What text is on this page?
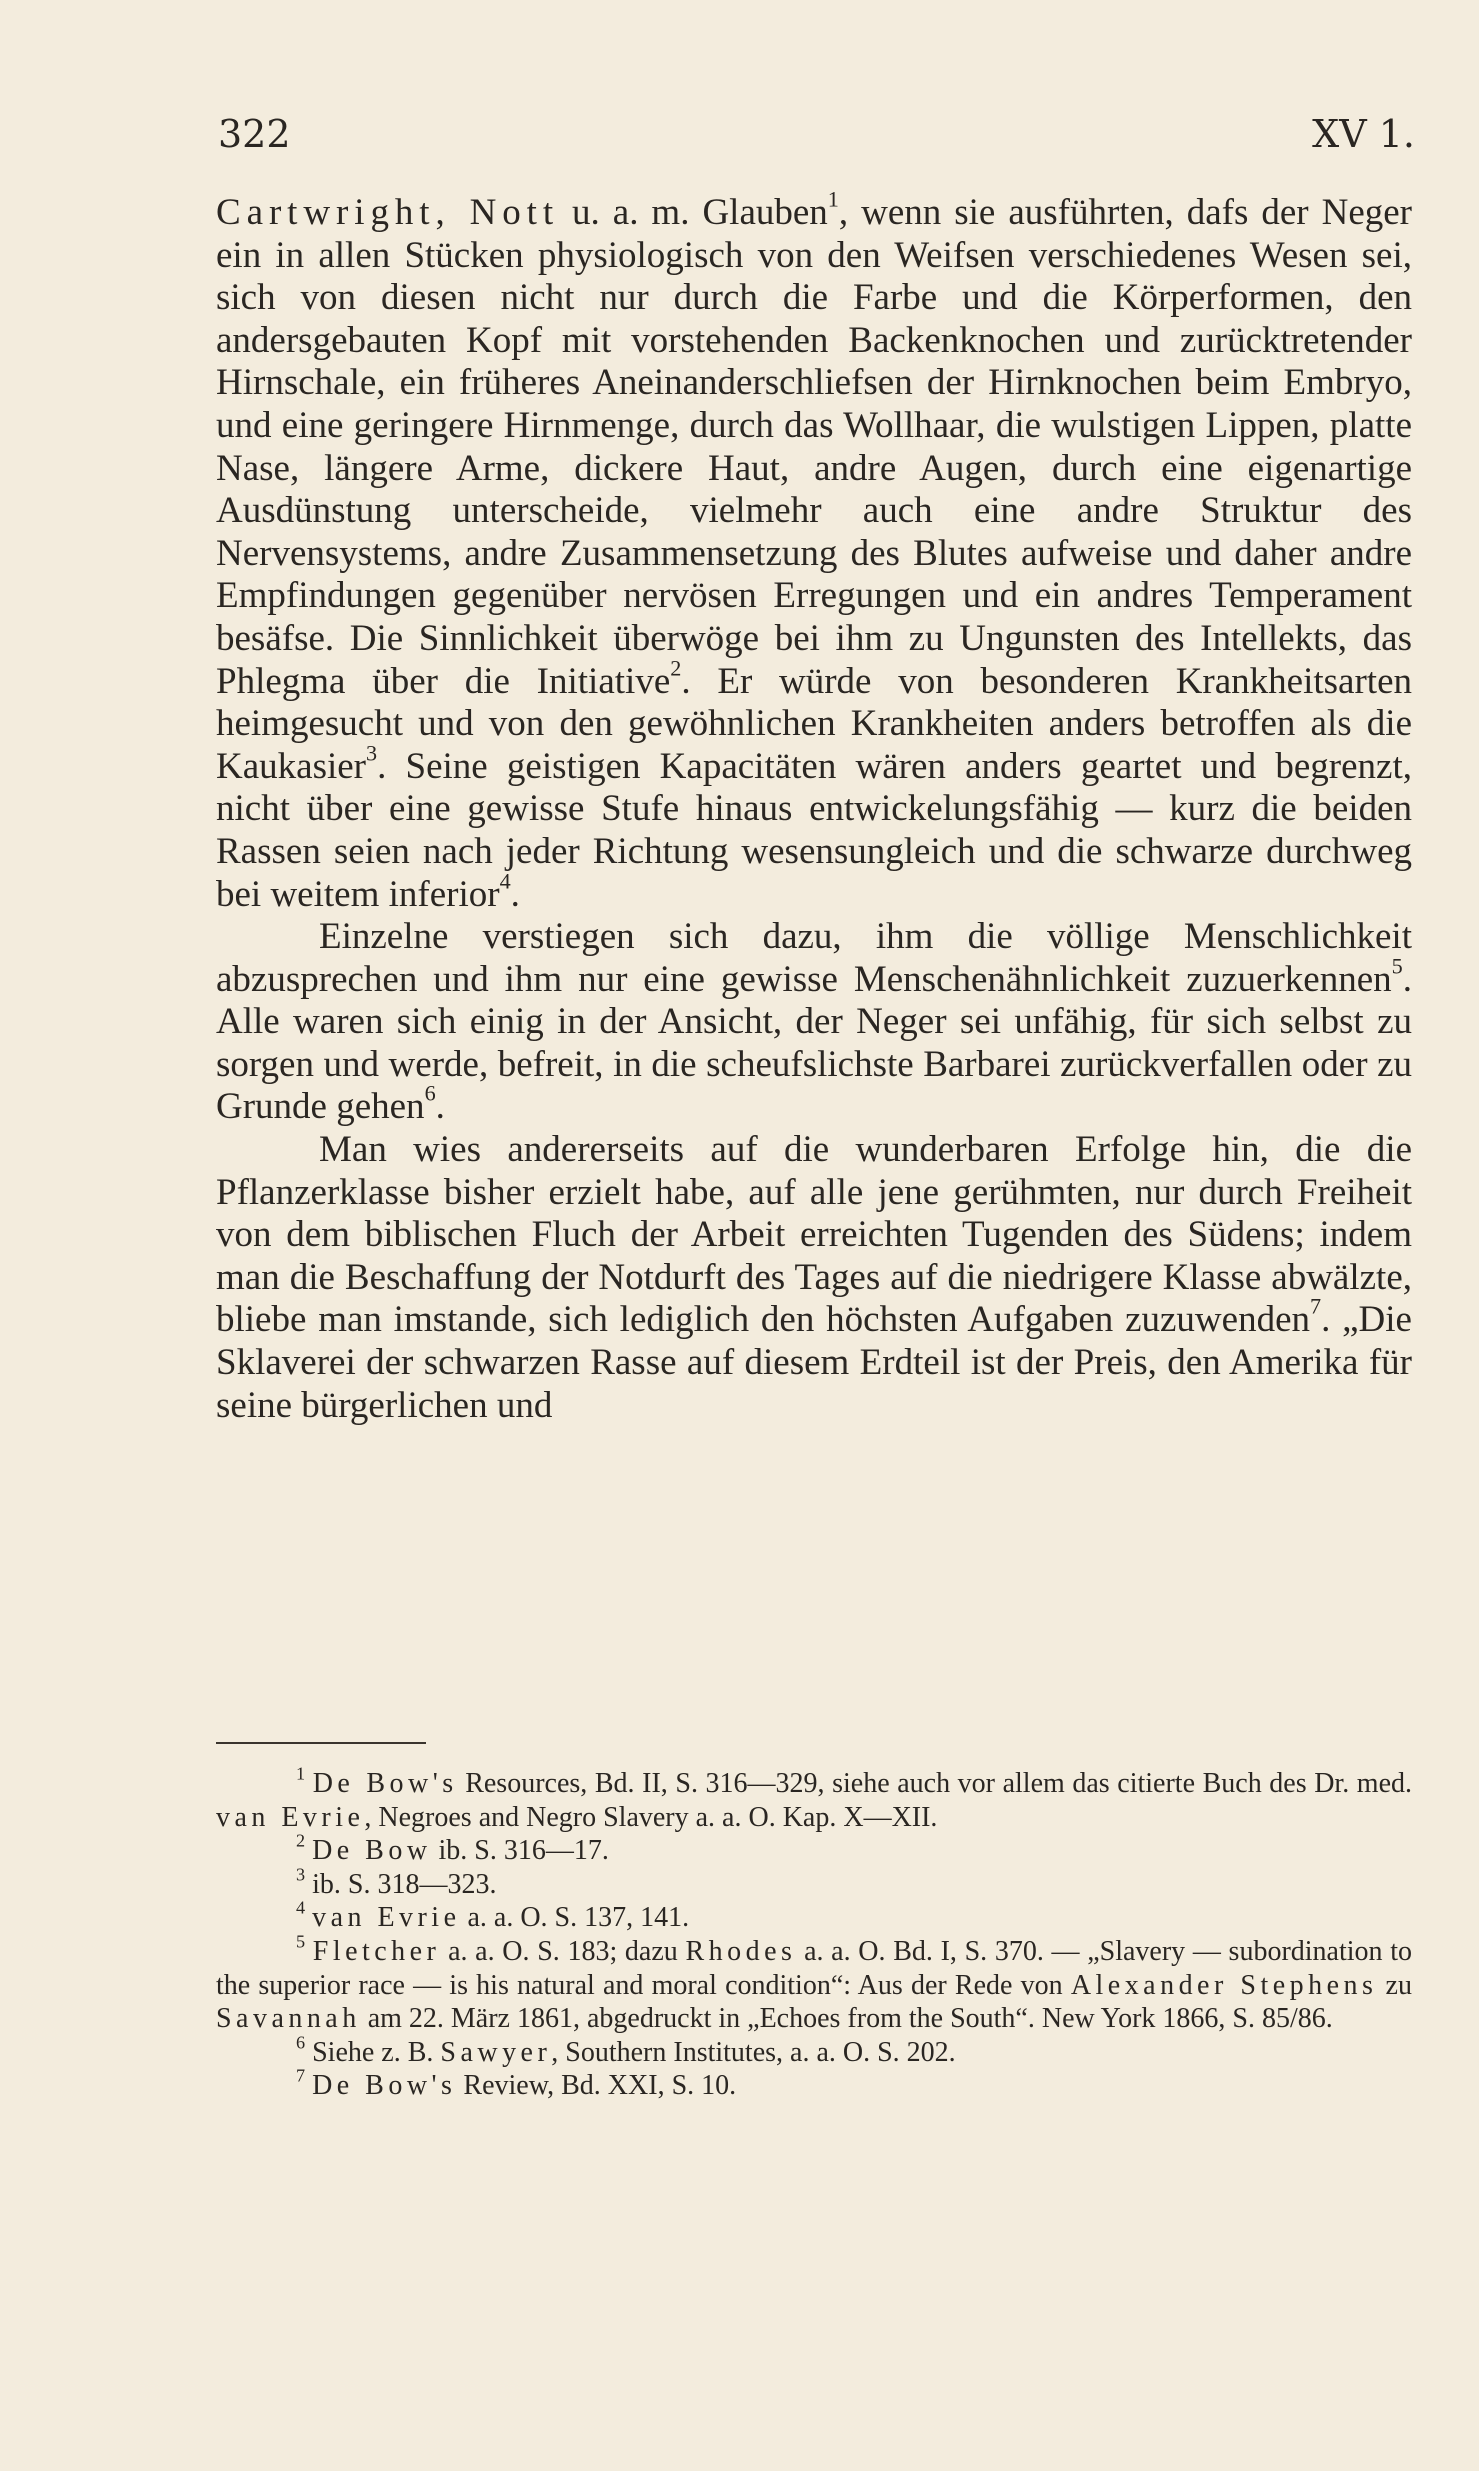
322	XV 1.

Cartwright, Nott u. a. m. Glauben$^1$, wenn sie ausführten, dafs der Neger ein in allen Stücken physiologisch von den Weifsen verschiedenes Wesen sei, sich von diesen nicht nur durch die Farbe und die Körperformen, den andersgebauten Kopf mit vorstehenden Backenknochen und zurücktretender Hirnschale, ein früheres Aneinanderschliefsen der Hirnknochen beim Embryo, und eine geringere Hirnmenge, durch das Wollhaar, die wulstigen Lippen, platte Nase, längere Arme, dickere Haut, andre Augen, durch eine eigenartige Ausdünstung unterscheide, vielmehr auch eine andre Struktur des Nervensystems, andre Zusammensetzung des Blutes aufweise und daher andre Empfindungen gegenüber nervösen Erregungen und ein andres Temperament besäfse. Die Sinnlichkeit überwöge bei ihm zu Ungunsten des Intellekts, das Phlegma über die Initiative$^2$. Er würde von besonderen Krankheitsarten heimgesucht und von den gewöhnlichen Krankheiten anders betroffen als die Kaukasier$^3$. Seine geistigen Kapacitäten wären anders geartet und begrenzt, nicht über eine gewisse Stufe hinaus entwickelungsfähig — kurz die beiden Rassen seien nach jeder Richtung wesensungleich und die schwarze durchweg bei weitem inferior$^4$.

Einzelne verstiegen sich dazu, ihm die völlige Menschlichkeit abzusprechen und ihm nur eine gewisse Menschenähnlichkeit zuzuerkennen$^5$. Alle waren sich einig in der Ansicht, der Neger sei unfähig, für sich selbst zu sorgen und werde, befreit, in die scheufslichste Barbarei zurückverfallen oder zu Grunde gehen$^6$.

Man wies andererseits auf die wunderbaren Erfolge hin, die die Pflanzerklasse bisher erzielt habe, auf alle jene gerühmten, nur durch Freiheit von dem biblischen Fluch der Arbeit erreichten Tugenden des Südens; indem man die Beschaffung der Notdurft des Tages auf die niedrigere Klasse abwälzte, bliebe man imstande, sich lediglich den höchsten Aufgaben zuzuwenden$^7$. „Die Sklaverei der schwarzen Rasse auf diesem Erdteil ist der Preis, den Amerika für seine bürgerlichen und

$^1$ De Bow's Resources, Bd. II, S. 316—329, siehe auch vor allem das citierte Buch des Dr. med. van Evrie, Negroes and Negro Slavery a. a. O. Kap. X—XII.

$^2$ De Bow ib. S. 316—17.

$^3$ ib. S. 318—323.

$^4$ van Evrie a. a. O. S. 137, 141.

$^5$ Fletcher a. a. O. S. 183; dazu Rhodes a. a. O. Bd. I, S. 370. — „Slavery — subordination to the superior race — is his natural and moral condition“: Aus der Rede von Alexander Stephens zu Savannah am 22. März 1861, abgedruckt in „Echoes from the South“. New York 1866, S. 85/86.

$^6$ Siehe z. B. Sawyer, Southern Institutes, a. a. O. S. 202.

$^7$ De Bow's Review, Bd. XXI, S. 10.
